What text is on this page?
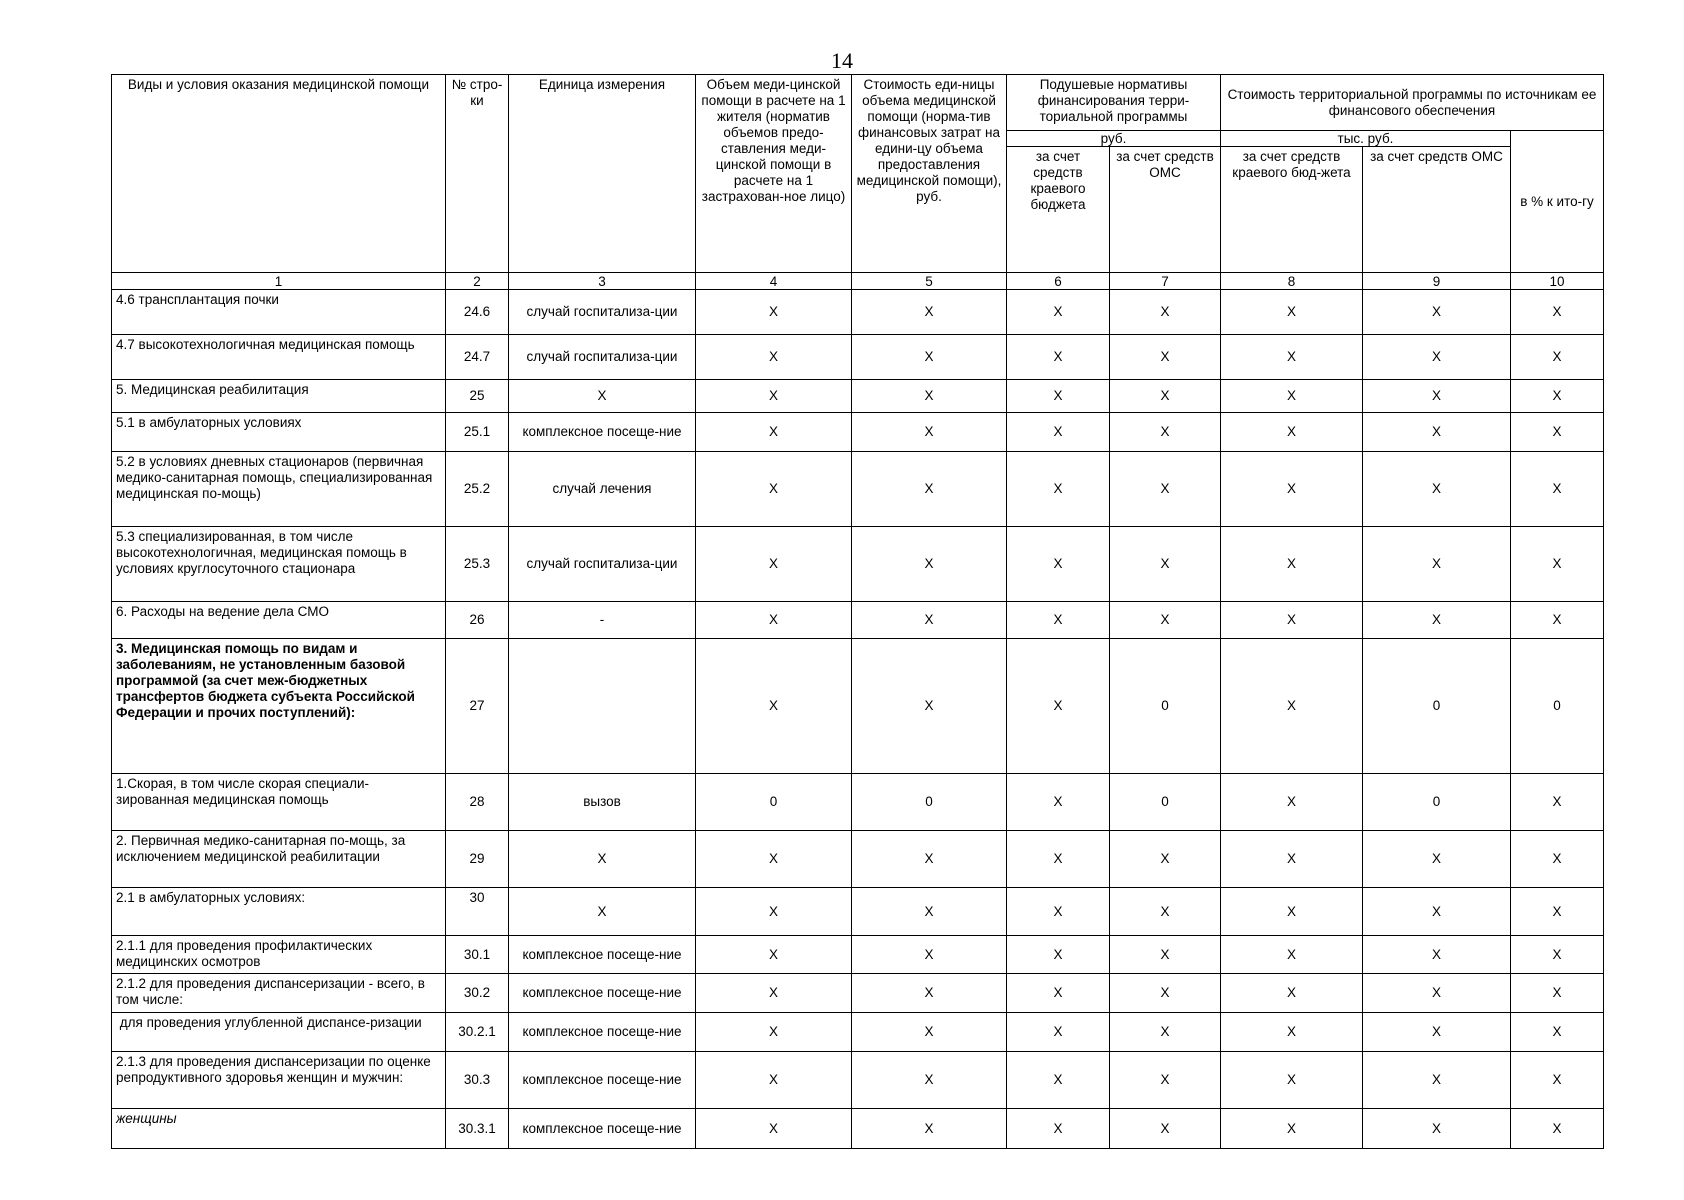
14
Виды и условия оказания медицинской помощи	№ стро-ки	Единица измерения	Объем меди-цинской помощи в расчете на 1 жителя (норматив объемов предо-ставления меди-цинской помощи в расчете на 1 застрахован-ное лицо)	Стоимость еди-ницы объема медицинской помощи (норма-тив финансовых затрат на едини-цу объема предоставления медицинской помощи), руб.	Подушевые нормативы финансирования терри-ториальной программы		Стоимость территориальной программы по источникам ее финансового обеспечения		
					руб.		тыс. руб.		в % к ито-гу
					за счет средств краевого бюджета	за счет средств ОМС	за счет средств краевого бюд-жета	за счет средств ОМС	
1	2	3	4	5	6	7	8	9	10
4.6 трансплантация почки	24.6	случай госпитализа-ции	X	X	X	X	X	X	X
4.7 высокотехнологичная медицинская помощь	24.7	случай госпитализа-ции	X	X	X	X	X	X	X
5. Медицинская реабилитация	25	X	X	X	X	X	X	X	X
5.1 в амбулаторных условиях	25.1	комплексное посеще-ние	X	X	X	X	X	X	X
5.2 в условиях дневных стационаров (первичная медико-санитарная помощь, специализированная медицинская по-мощь)	25.2	случай лечения	X	X	X	X	X	X	X
5.3 специализированная, в том числе высокотехнологичная, медицинская помощь в условиях круглосуточного стационара	25.3	случай госпитализа-ции	X	X	X	X	X	X	X
6. Расходы на ведение дела СМО	26	-	X	X	X	X	X	X	X
3. Медицинская помощь по видам и заболеваниям, не установленным базовой программой (за счет меж-бюджетных трансфертов бюджета субъекта Российской Федерации и прочих поступлений):	27		X	X	X	0	X	0	0
1.Скорая, в том числе скорая специали-зированная медицинская помощь	28	вызов	0	0	X	0	X	0	X
2. Первичная медико-санитарная по-мощь, за исключением медицинской реабилитации	29	X	X	X	X	X	X	X	X
2.1 в амбулаторных условиях:	30	X	X	X	X	X	X	X	X
2.1.1 для проведения профилактических медицинских осмотров	30.1	комплексное посеще-ние	X	X	X	X	X	X	X
2.1.2 для проведения диспансеризации - всего, в том числе:	30.2	комплексное посеще-ние	X	X	X	X	X	X	X
для проведения углубленной диспансе-ризации	30.2.1	комплексное посеще-ние	X	X	X	X	X	X	X
2.1.3 для проведения диспансеризации по оценке репродуктивного здоровья женщин и мужчин:	30.3	комплексное посеще-ние	X	X	X	X	X	X	X
женщины	30.3.1	комплексное посеще-ние	X	X	X	X	X	X	X
